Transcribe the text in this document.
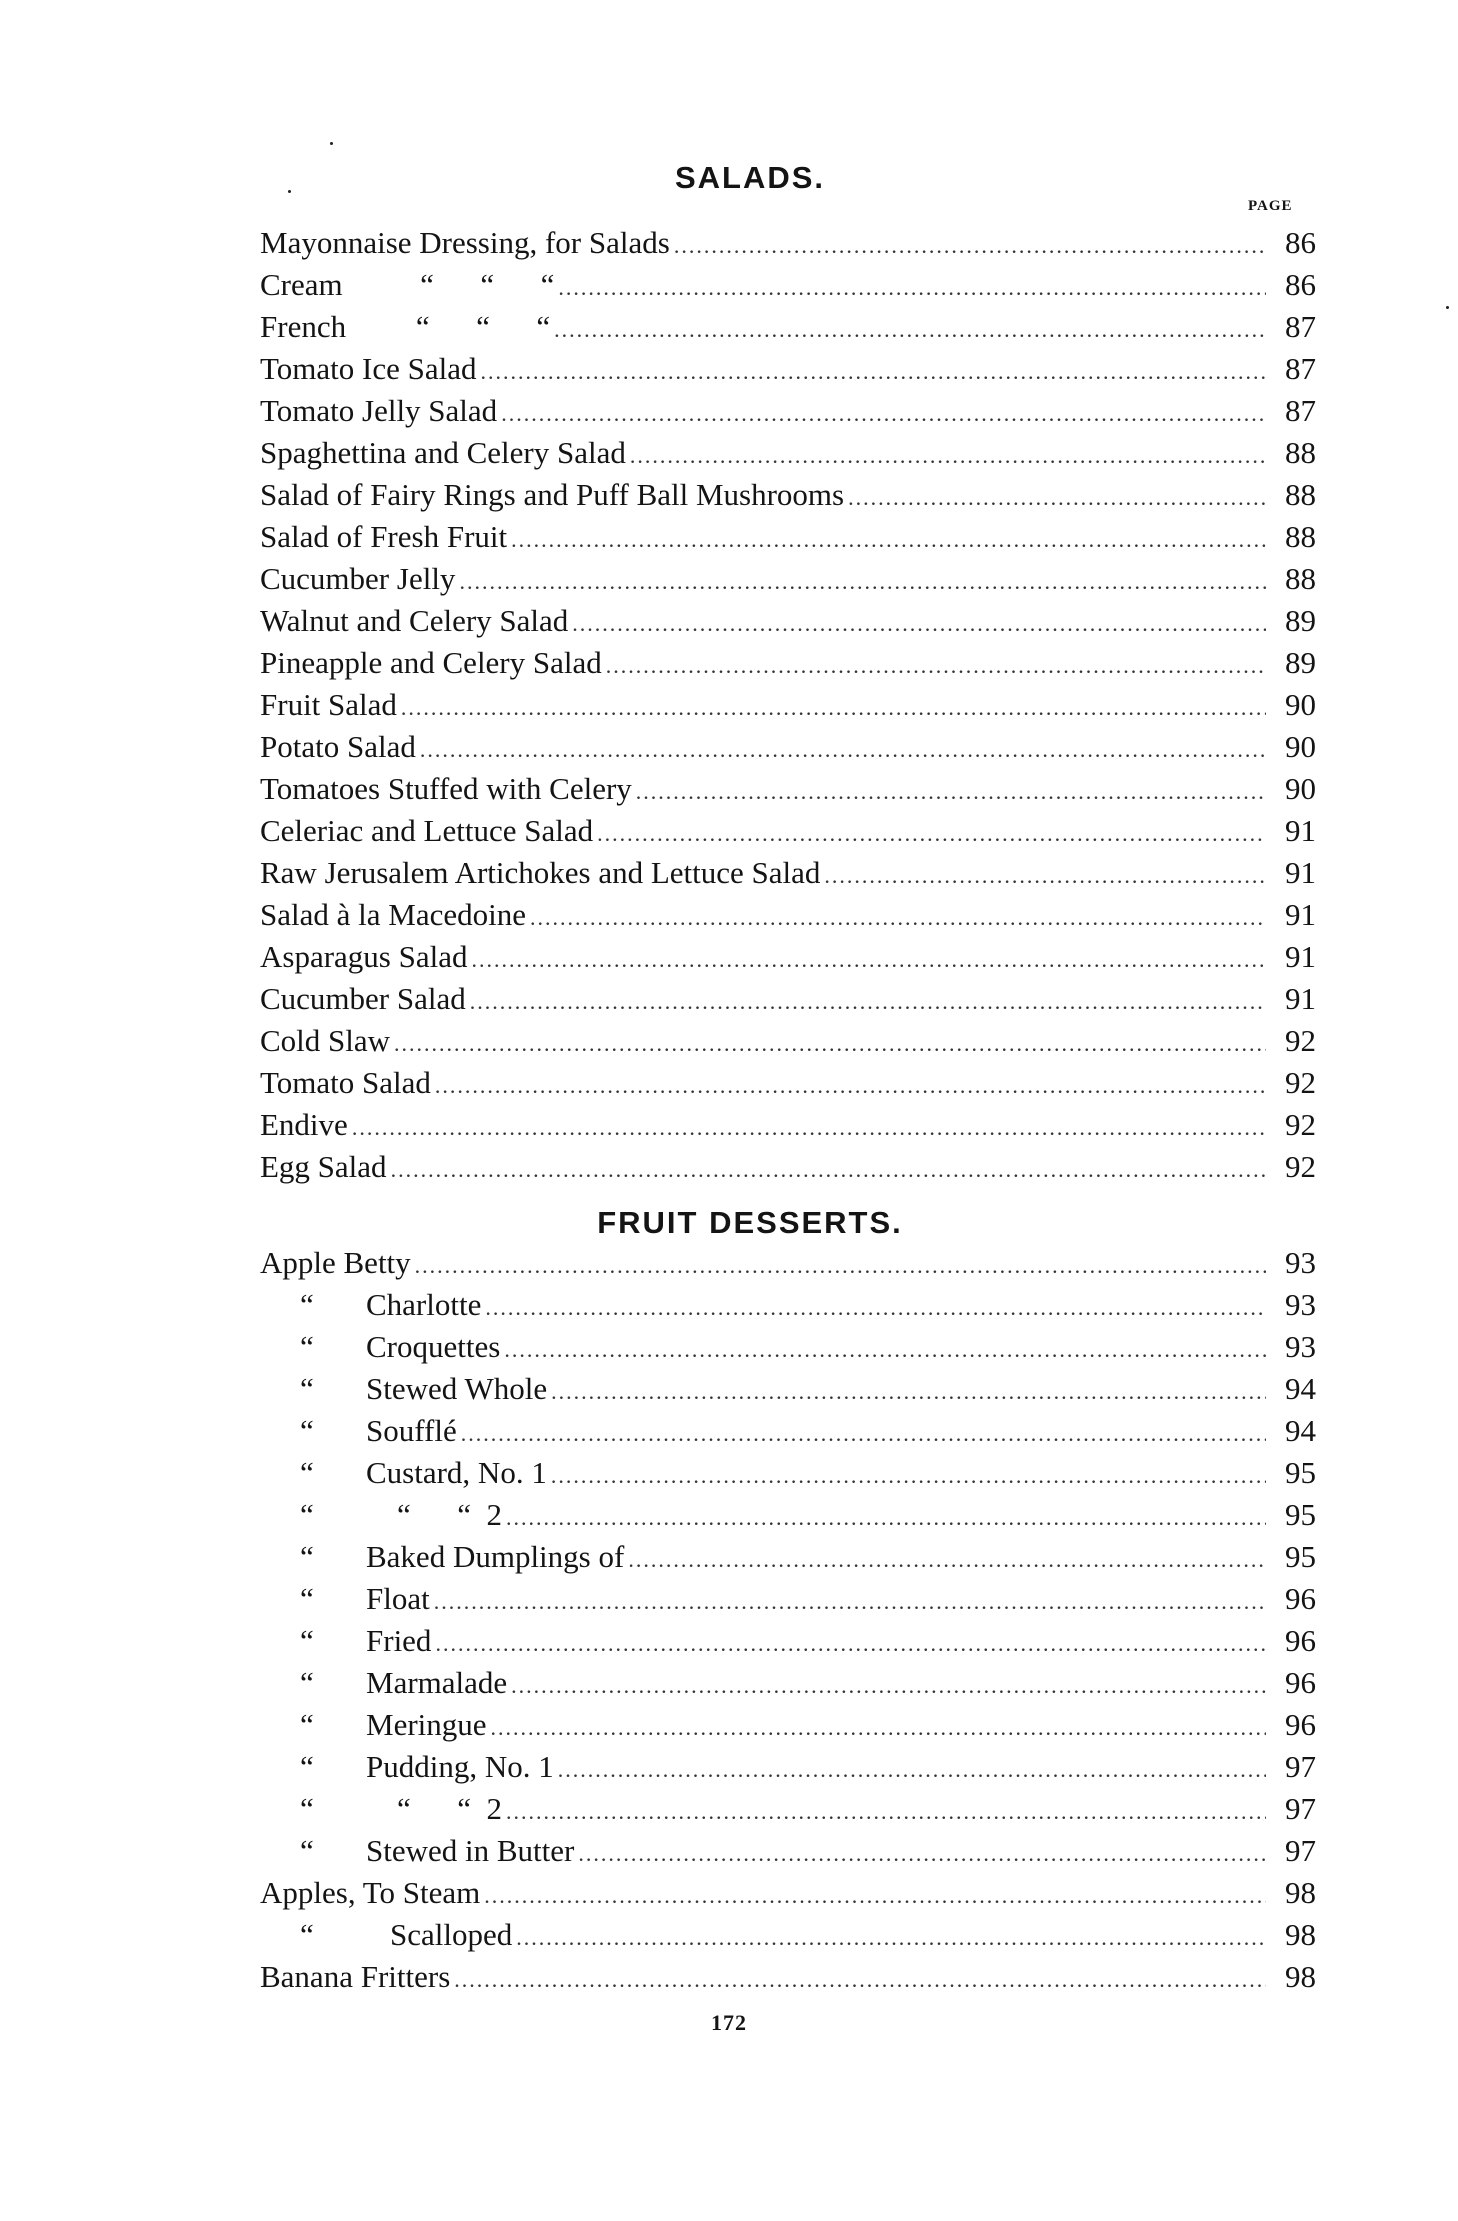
SALADS.
PAGE
Mayonnaise Dressing, for Salads .....	86
Cream          “      “      “ .....	86
French         “      “      “ .....	87
Tomato Ice Salad .....	87
Tomato Jelly Salad .....	87
Spaghettina and Celery Salad .....	88
Salad of Fairy Rings and Puff Ball Mushrooms .....	88
Salad of Fresh Fruit .....	88
Cucumber Jelly .....	88
Walnut and Celery Salad .....	89
Pineapple and Celery Salad .....	89
Fruit Salad .....	90
Potato Salad .....	90
Tomatoes Stuffed with Celery .....	90
Celeriac and Lettuce Salad .....	91
Raw Jerusalem Artichokes and Lettuce Salad .....	91
Salad à la Macedoine .....	91
Asparagus Salad .....	91
Cucumber Salad .....	91
Cold Slaw .....	92
Tomato Salad .....	92
Endive .....	92
Egg Salad .....	92
FRUIT DESSERTS.
Apple Betty .....	93
“	Charlotte .....	93
“	Croquettes .....	93
“	Stewed Whole .....	94
“	Soufflé .....	94
“	Custard, No. 1 .....	95
“	“      “  2 .....	95
“	Baked Dumplings of .....	95
“	Float .....	96
“	Fried .....	96
“	Marmalade .....	96
“	Meringue .....	96
“	Pudding, No. 1 .....	97
“	“      “  2 .....	97
“	Stewed in Butter .....	97
Apples, To Steam .....	98
“	Scalloped .....	98
Banana Fritters .....	98
172
